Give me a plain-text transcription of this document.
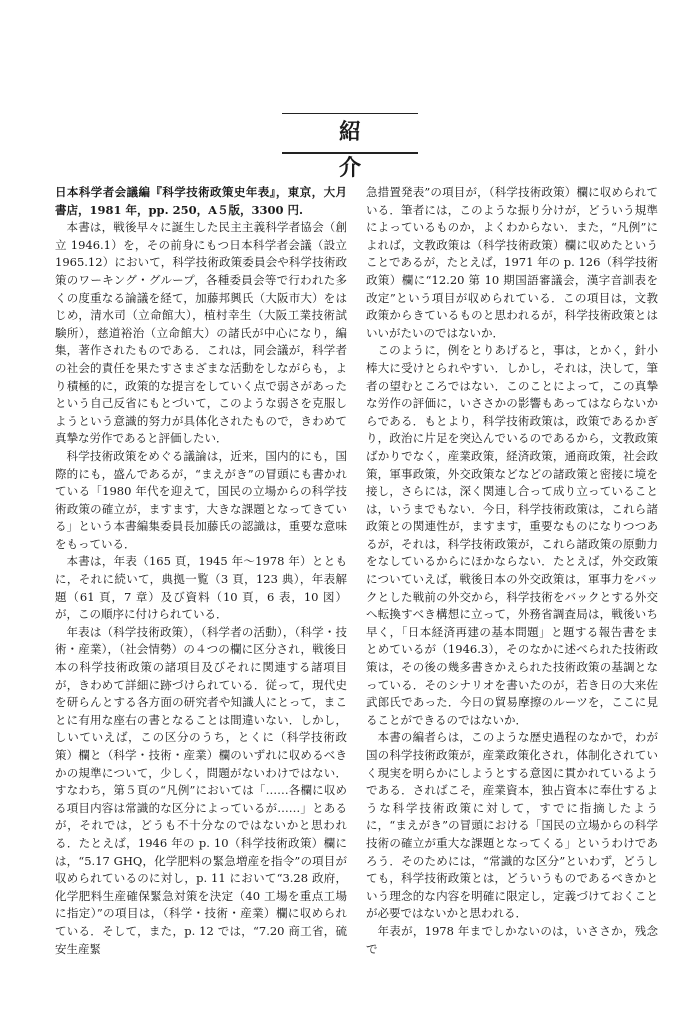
紹　介

日本科学者会議編『科学技術政策史年表』，東京，大月書店，1981 年，pp. 250，A５版，3300 円.

本書は，戦後早々に誕生した民主主義科学者協会（創立 1946.1）を，その前身にもつ日本科学者会議（設立 1965.12）において，科学技術政策委員会や科学技術政策のワーキング・グループ，各種委員会等で行われた多くの度重なる論議を経て，加藤邦興氏（大阪市大）をはじめ，清水司（立命館大），植村幸生（大阪工業技術試験所），慈道裕治（立命館大）の諸氏が中心になり，編集，著作されたものである．これは，同会議が，科学者の社会的責任を果たすさまざまな活動をしながらも，より積極的に，政策的な提言をしていく点で弱さがあったという自己反省にもとづいて，このような弱さを克服しようという意識的努力が具体化されたもので，きわめて真摯な労作であると評価したい．

科学技術政策をめぐる議論は，近来，国内的にも，国際的にも，盛んであるが，“まえがき”の冒頭にも書かれている「1980 年代を迎えて，国民の立場からの科学技術政策の確立が，ますます，大きな課題となってきている」という本書編集委員長加藤氏の認識は，重要な意味をもっている．

本書は，年表（165 頁，1945 年～1978 年）とともに，それに続いて，典拠一覧（3 頁，123 典），年表解題（61 頁，7 章）及び資料（10 頁，6 表，10 図）が，この順序に付けられている．

年表は（科学技術政策），（科学者の活動），（科学・技術・産業），（社会情勢）の４つの欄に区分され，戦後日本の科学技術政策の諸項目及びそれに関連する諸項目が，きわめて詳細に跡づけられている．従って，現代史を研らんとする各方面の研究者や知識人にとって，まことに有用な座右の書となることは間違いない．しかし，しいていえば，この区分のうち，とくに（科学技術政策）欄と（科学・技術・産業）欄のいずれに収めるべきかの規準について，少しく，問題がないわけではない．すなわち，第５頁の“凡例”においては「……各欄に収める項目内容は常識的な区分によっているが……」とあるが，それでは，どうも不十分なのではないかと思われる．たとえば，1946 年の p. 10（科学技術政策）欄には，“5.17 GHQ，化学肥料の緊急増産を指令”の項目が収められているのに対し，p. 11 において“3.28 政府，化学肥料生産確保緊急対策を決定（40 工場を重点工場に指定）”の項目は，（科学・技術・産業）欄に収められている．そして，また，p. 12 では，“7.20 商工省，硫安生産緊

急措置発表”の項目が，（科学技術政策）欄に収められている．筆者には，このような振り分けが，どういう規準によっているものか，よくわからない．また，“凡例”によれば，文教政策は（科学技術政策）欄に収めたということであるが，たとえば，1971 年の p. 126（科学技術政策）欄に“12.20 第 10 期国語審議会，漢字音訓表を改定”という項目が収められている．この項目は，文教政策からきているものと思われるが，科学技術政策とはいいがたいのではないか．

このように，例をとりあげると，事は，とかく，針小棒大に受けとられやすい．しかし，それは，決して，筆者の望むところではない．このことによって，この真摯な労作の評価に，いささかの影響もあってはならないからである．もとより，科学技術政策は，政策であるかぎり，政治に片足を突込んでいるのであるから，文教政策ばかりでなく，産業政策，経済政策，通商政策，社会政策，軍事政策，外交政策などなどの諸政策と密接に境を接し，さらには，深く関連し合って成り立っていることは，いうまでもない．今日，科学技術政策は，これら諸政策との関連性が，ますます，重要なものになりつつあるが，それは，科学技術政策が，これら諸政策の原動力をなしているからにほかならない．たとえば，外交政策についていえば，戦後日本の外交政策は，軍事力をバックとした戦前の外交から，科学技術をバックとする外交へ転換すべき構想に立って，外務省調査局は，戦後いち早く，「日本経済再建の基本問題」と題する報告書をまとめているが（1946.3），そのなかに述べられた技術政策は，その後の幾多書きかえられた技術政策の基調となっている．そのシナリオを書いたのが，若き日の大来佐武郎氏であった．今日の貿易摩擦のルーツを，ここに見ることができるのではないか．

本書の編者らは，このような歴史過程のなかで，わが国の科学技術政策が，産業政策化され，体制化されていく現実を明らかにしようとする意図に貫かれているようである．さればこそ，産業資本，独占資本に奉仕するような科学技術政策に対して，すでに指摘したように，“まえがき”の冒頭における「国民の立場からの科学技術の確立が重大な課題となってくる」というわけであろう．そのためには，“常識的な区分”といわず，どうしても，科学技術政策とは，どういうものであるべきかという理念的な内容を明確に限定し，定義づけておくことが必要ではないかと思われる．

年表が，1978 年までしかないのは，いささか，残念で
